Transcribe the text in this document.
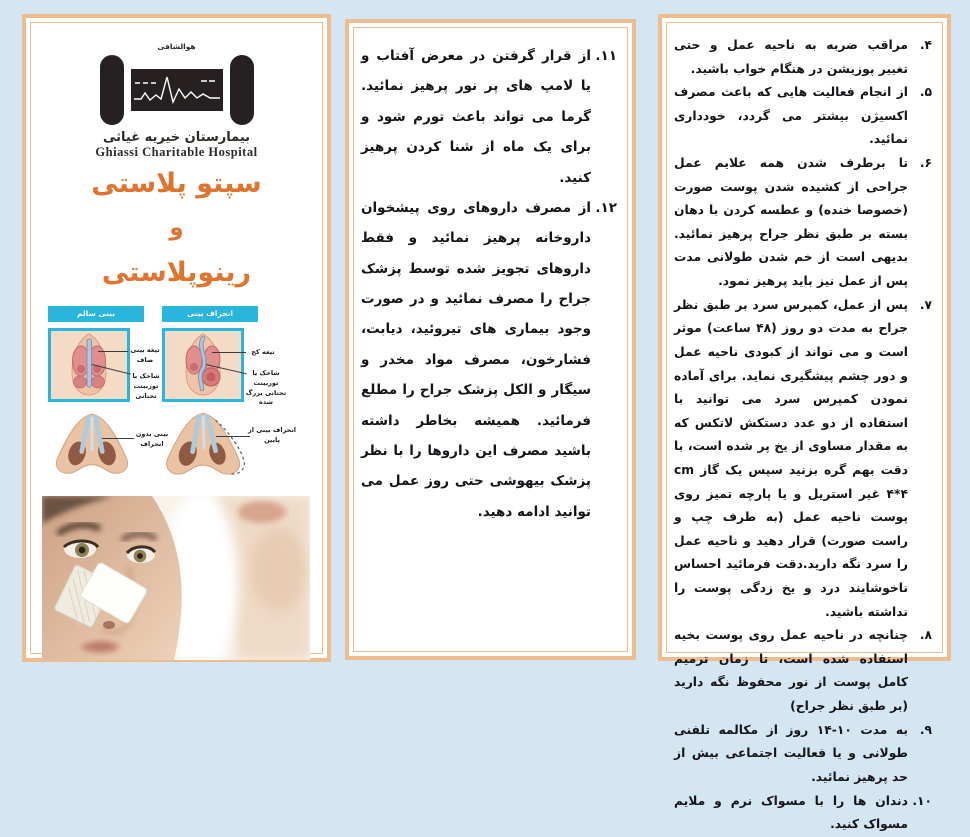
هوالشافی
بیمارستان خیریه غیاثی
Ghiassi Charitable Hospital
سپتو پلاستی
و
رینوپلاستی
بینی سالم	انحراف بینی
تیغه بینی صاف
شاخک یا توربینت تحتانی
تیغه کج
شاخک یا توربینت تحتانی بزرگ شده
بینی بدون انحراف
انحراف بینی از پایین
۱۱.
از قرار گرفتن در معرض آفتاب و یا لامپ های پر نور پرهیز نمائید. گرما می تواند باعث تورم شود و برای یک ماه از شنا کردن پرهیز کنید.
۱۲.
از مصرف داروهای روی پیشخوان داروخانه پرهیز نمائید و فقط داروهای تجویز شده توسط پزشک جراح را مصرف نمائید و در صورت وجود بیماری های تیروئید، دیابت، فشارخون، مصرف مواد مخدر و سیگار و الکل پزشک جراح را مطلع فرمائید. همیشه بخاطر داشته باشید مصرف این داروها را با نظر پزشک بیهوشی حتی روز عمل می توانید ادامه دهید.
۴.
مراقب ضربه به ناحیه عمل و حتی تغییر پوزیشن در هنگام خواب باشید.
۵.
از انجام فعالیت هایی که باعث مصرف اکسیژن بیشتر می گردد، خودداری نمائید.
۶.
تا برطرف شدن همه علایم عمل جراحی از کشیده شدن پوست صورت (خصوصا خنده) و عطسه کردن با دهان بسته بر طبق نظر جراح پرهیز نمائید. بدیهی است از خم شدن طولانی مدت پس از عمل نیز باید پرهیز نمود.
۷.
پس از عمل، کمپرس سرد بر طبق نظر جراح به مدت دو روز (۴۸ ساعت) موثر است و می تواند از کبودی ناحیه عمل و دور چشم پیشگیری نماید. برای آماده نمودن کمپرس سرد می توانید با استفاده از دو عدد دستکش لاتکس که به مقدار مساوی از یخ پر شده است، با دقت بهم گره بزنید سپس یک گاز cm ۴*۴ غیر استریل و یا پارچه تمیز روی پوست ناحیه عمل (به طرف چپ و راست صورت) قرار دهید و ناحیه عمل را سرد نگه دارید.دقت فرمائید احساس ناخوشایند درد و یخ زدگی پوست را نداشته باشید.
۸.
چنانچه در ناحیه عمل روی پوست بخیه استفاده شده است، تا زمان ترمیم کامل پوست از نور محفوظ نگه دارید (بر طبق نظر جراح)
۹.
به مدت ۱۰-۱۴ روز از مکالمه تلفنی طولانی و یا فعالیت اجتماعی بیش از حد پرهیز نمائید.
۱۰.
دندان ها را با مسواک نرم و ملایم مسواک کنید.
